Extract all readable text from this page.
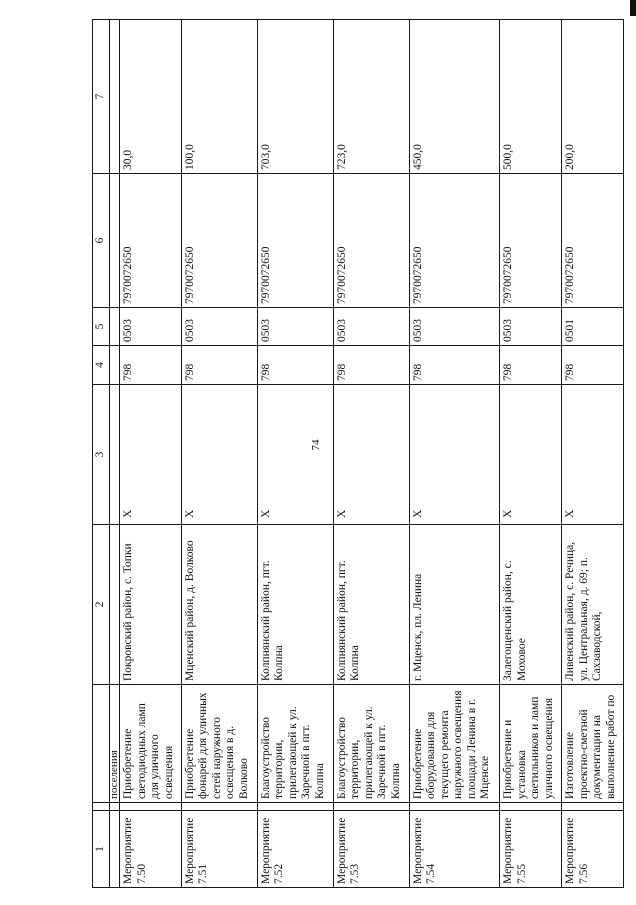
74
1			2	3	4	5	6	7
		поселения						
Мероприятие 7.50		Приобретение светодиодных ламп для уличного освещения	Покровский район, с. Топки	Х	798	0503	7970072650	30,0
Мероприятие 7.51		Приобретение фонарей для уличных сетей наружного освещения в д. Волково	Мценский район, д. Волково	Х	798	0503	7970072650	100,0
Мероприятие 7.52		Благоустройство территории, прилегающей к ул. Заречной в пгт. Колпна	Колпнянский район, пгт. Колпна	Х	798	0503	7970072650	703,0
Мероприятие 7.53		Благоустройство территории, прилегающей к ул. Заречной в пгт. Колпна	Колпнянский район, пгт. Колпна	Х	798	0503	7970072650	723,0
Мероприятие 7.54		Приобретение оборудования для текущего ремонта наружного освещения площади Ленина в г. Мценске	г. Мценск, пл. Ленина	Х	798	0503	7970072650	450,0
Мероприятие 7.55		Приобретение и установка светильников и ламп уличного освещения	Залегощенский район, с. Моховое	Х	798	0503	7970072650	500,0
Мероприятие 7.56		Изготовление проектно-сметной документации на выполнение работ по	Ливенский район, с. Речица, ул. Центральная, д. 69; п. Сахзаводской,	Х	798	0501	7970072650	200,0
